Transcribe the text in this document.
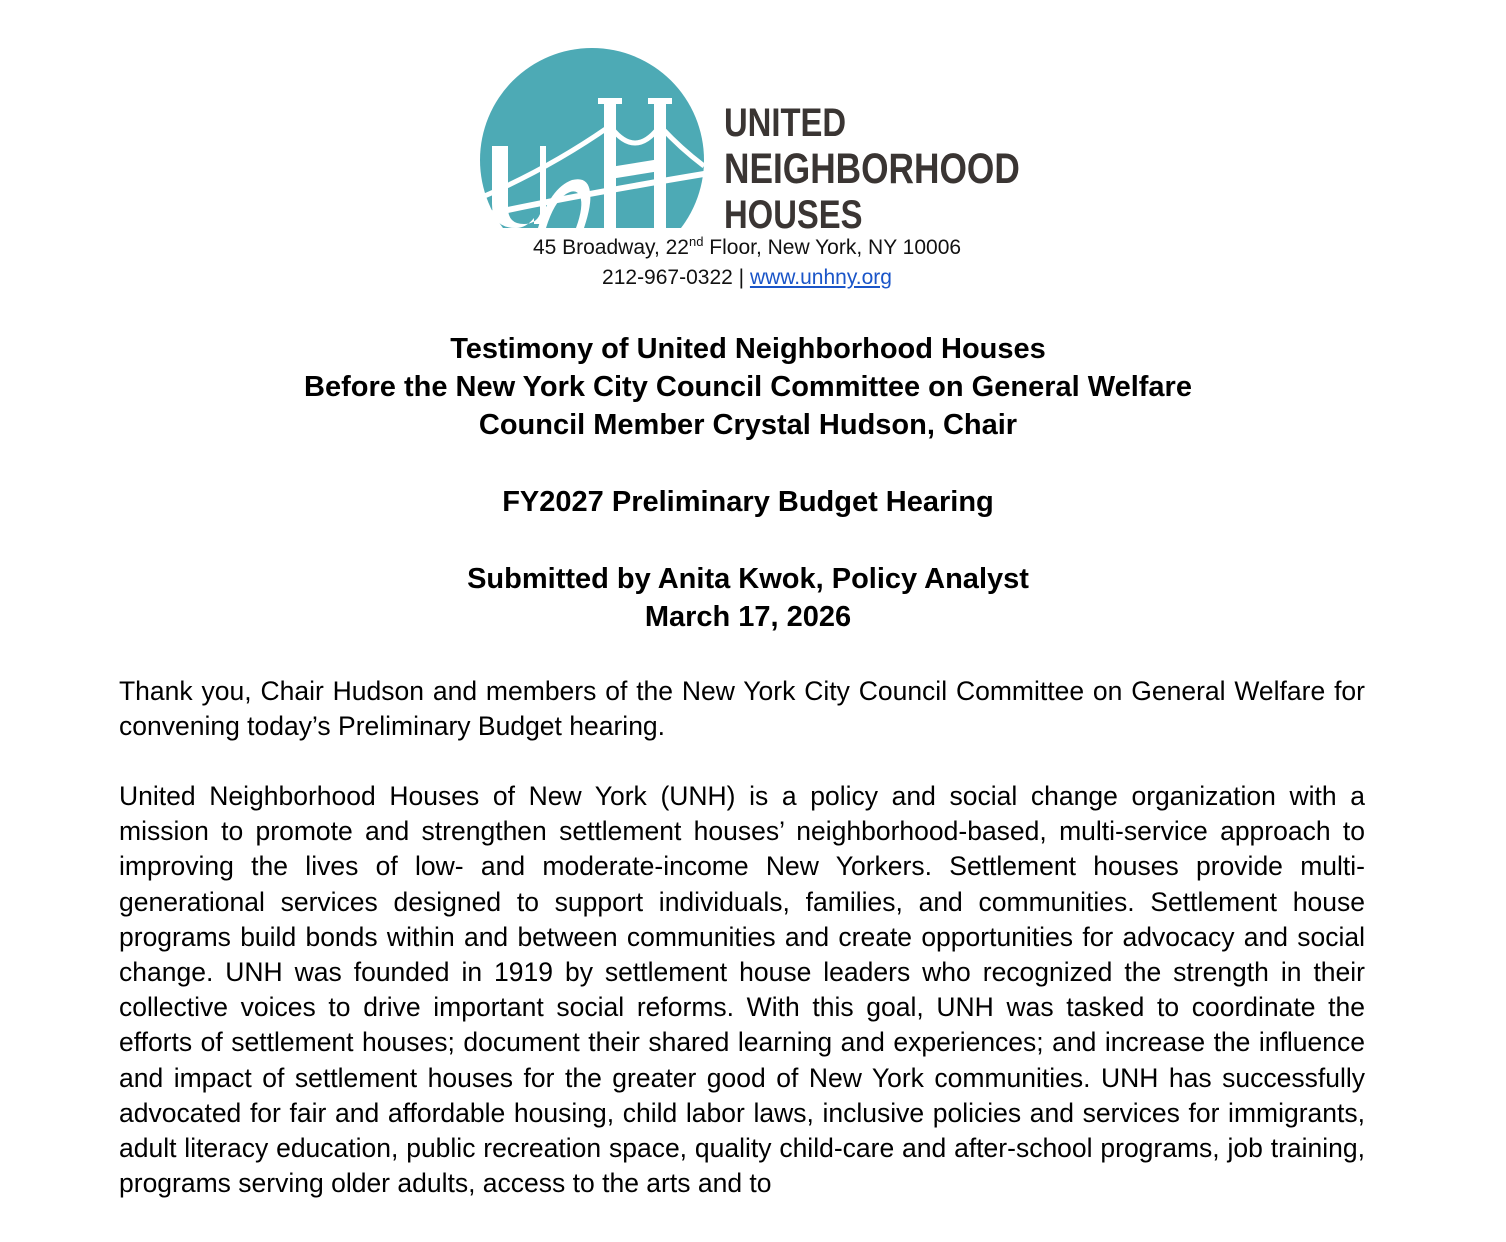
UNITED
NEIGHBORHOOD
HOUSES
45 Broadway, 22nd Floor, New York, NY 10006
212-967-0322 | www.unhny.org
Testimony of United Neighborhood Houses
Before the New York City Council Committee on General Welfare
Council Member Crystal Hudson, Chair
FY2027 Preliminary Budget Hearing
Submitted by Anita Kwok, Policy Analyst
March 17, 2026

Thank you, Chair Hudson and members of the New York City Council Committee on General Welfare for convening today’s Preliminary Budget hearing.

United Neighborhood Houses of New York (UNH) is a policy and social change organization with a mission to promote and strengthen settlement houses’ neighborhood-based, multi-service approach to improving the lives of low- and moderate-income New Yorkers. Settlement houses provide multi-generational services designed to support individuals, families, and communities. Settlement house programs build bonds within and between communities and create opportunities for advocacy and social change. UNH was founded in 1919 by settlement house leaders who recognized the strength in their collective voices to drive important social reforms. With this goal, UNH was tasked to coordinate the efforts of settlement houses; document their shared learning and experiences; and increase the influence and impact of settlement houses for the greater good of New York communities. UNH has successfully advocated for fair and affordable housing, child labor laws, inclusive policies and services for immigrants, adult literacy education, public recreation space, quality child-care and after-school programs, job training, programs serving older adults, access to the arts and to
